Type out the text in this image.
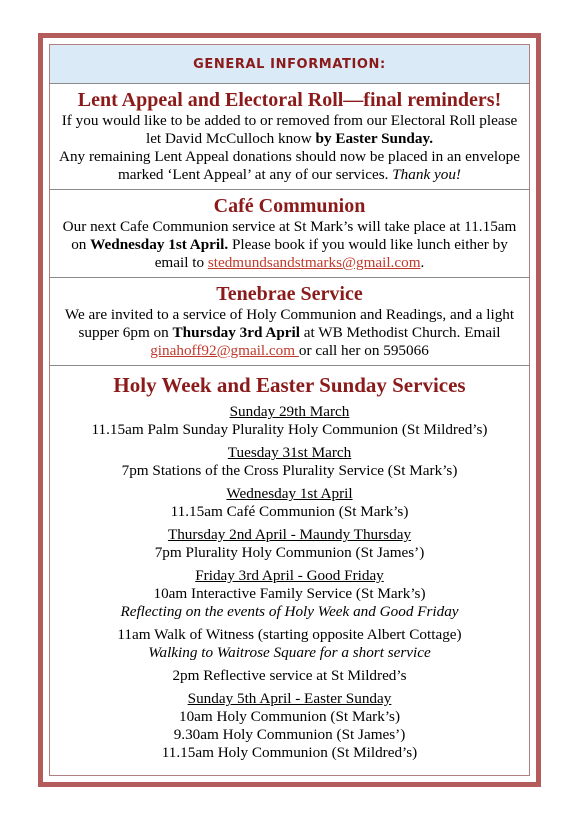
GENERAL INFORMATION:
Lent Appeal and Electoral Roll—final reminders!
If you would like to be added to or removed from our Electoral Roll please let David McCulloch know by Easter Sunday.
Any remaining Lent Appeal donations should now be placed in an envelope marked ‘Lent Appeal’ at any of our services. Thank you!
Café Communion
Our next Cafe Communion service at St Mark’s will take place at 11.15am on Wednesday 1st April. Please book if you would like lunch either by email to stedmundsandstmarks@gmail.com.
Tenebrae Service
We are invited to a service of Holy Communion and Readings, and a light supper 6pm on Thursday 3rd April at WB Methodist Church. Email ginahoff92@gmail.com or call her on 595066
Holy Week and Easter Sunday Services
Sunday 29th March
11.15am Palm Sunday Plurality Holy Communion (St Mildred’s)
Tuesday 31st March
7pm Stations of the Cross Plurality Service (St Mark’s)
Wednesday 1st April
11.15am Café Communion (St Mark’s)
Thursday 2nd April - Maundy Thursday
7pm Plurality Holy Communion (St James’)
Friday 3rd April - Good Friday
10am Interactive Family Service (St Mark’s)
Reflecting on the events of Holy Week and Good Friday
11am Walk of Witness (starting opposite Albert Cottage)
Walking to Waitrose Square for a short service
2pm Reflective service at St Mildred’s
Sunday 5th April - Easter Sunday
10am Holy Communion (St Mark’s)
9.30am Holy Communion (St James’)
11.15am Holy Communion (St Mildred’s)
